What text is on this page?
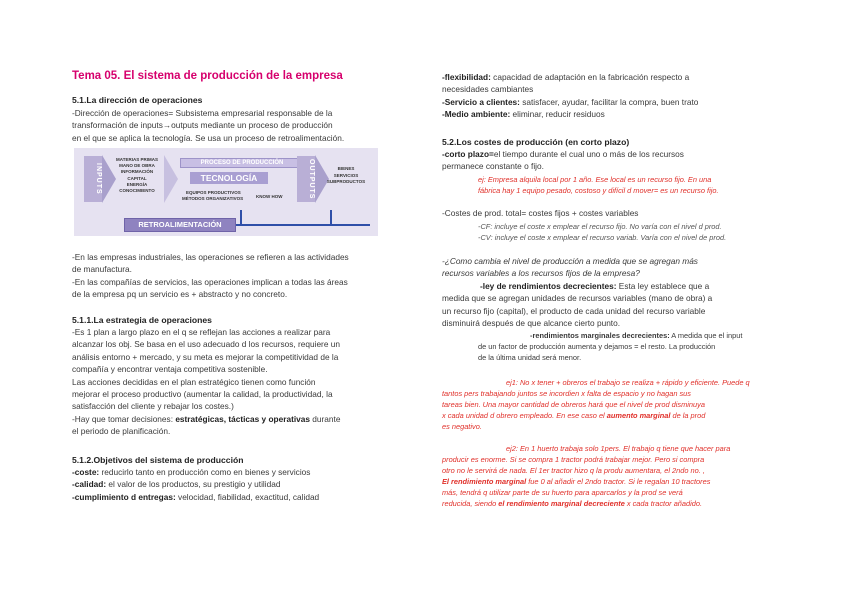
Tema 05. El sistema de producción de la empresa
5.1.La dirección de operaciones
-Dirección de operaciones= Subsistema empresarial responsable de la
transformación de inputs→outputs mediante un proceso de producción
en el que se aplica la tecnología. Se usa un proceso de retroalimentación.
INPUTS
MATERIAS PRIMAS
MANO DE OBRA
INFORMACIÓN
CAPITAL
ENERGÍA
CONOCIMIENTO
PROCESO DE PRODUCCIÓN
TECNOLOGÍA
EQUIPOS PRODUCTIVOS
MÉTODOS ORGANIZATIVOS	KNOW HOW	OUTPUTS	BIENES
SERVICIOS
SUBPRODUCTOS
RETROALIMENTACIÓN
-En las empresas industriales, las operaciones se refieren a las actividades
de manufactura.
-En las compañías de servicios, las operaciones implican a todas las áreas
de la empresa pq un servicio es + abstracto y no concreto.
5.1.1.La estrategia de operaciones
-Es 1 plan a largo plazo en el q se reflejan las acciones a realizar para
alcanzar los obj. Se basa en el uso adecuado d los recursos, requiere un
análisis entorno + mercado, y su meta es mejorar la competitividad de la
compañía y encontrar ventaja competitiva sostenible.
Las acciones decididas en el plan estratégico tienen como función
mejorar el proceso productivo (aumentar la calidad, la productividad, la
satisfacción del cliente y rebajar los costes.)
-Hay que tomar decisiones: estratégicas, tácticas y operativas durante
el periodo de planificación.
5.1.2.Objetivos del sistema de producción
-coste: reducirlo tanto en producción como en bienes y servicios
-calidad: el valor de los productos, su prestigio y utilidad
-cumplimiento d entregas: velocidad, fiabilidad, exactitud, calidad
-flexibilidad: capacidad de adaptación en la fabricación respecto a
necesidades cambiantes
-Servicio a clientes: satisfacer, ayudar, facilitar la compra, buen trato
-Medio ambiente: eliminar, reducir residuos
5.2.Los costes de producción (en corto plazo)
-corto plazo=el tiempo durante el cual uno o más de los recursos
permanece constante o fijo.
ej: Empresa alquila local por 1 año. Ese local es un recurso fijo. En una
fábrica hay 1 equipo pesado, costoso y difícil d mover= es un recurso fijo.
-Costes de prod. total= costes fijos + costes variables
-CF: incluye el coste x emplear el recurso fijo. No varía con el nivel d prod.
-CV: incluye el coste x emplear el recurso variab. Varía con el nivel de prod.
-¿Como cambia el nivel de producción a medida que se agregan más
recursos variables a los recursos fijos de la empresa?
-ley de rendimientos decrecientes: Esta ley establece que a
medida que se agregan unidades de recursos variables (mano de obra) a
un recurso fijo (capital), el producto de cada unidad del recurso variable
disminuirá después de que alcance cierto punto.
-rendimientos marginales decrecientes: A medida que el input
de un factor de producción aumenta y dejamos = el resto. La producción
de la última unidad será menor.
ej1: No x tener + obreros el trabajo se realiza + rápido y eficiente. Puede q
tantos pers trabajando juntos se incordien x falta de espacio y no hagan sus
tareas bien. Una mayor cantidad de obreros hará que el nivel de prod disminuya
x cada unidad d obrero empleado. En ese caso el aumento marginal de la prod
es negativo.
ej2: En 1 huerto trabaja solo 1pers. El trabajo q tiene que hacer para
producir es enorme. Si se compra 1 tractor podrá trabajar mejor. Pero si compra
otro no le servirá de nada. El 1er tractor hizo q la produ aumentara, el 2ndo no. ,
El rendimiento marginal fue 0 al añadir el 2ndo tractor. Si le regalan 10 tractores
más, tendrá q utilizar parte de su huerto para aparcarlos y la prod se verá
reducida, siendo el rendimiento marginal decreciente x cada tractor añadido.
